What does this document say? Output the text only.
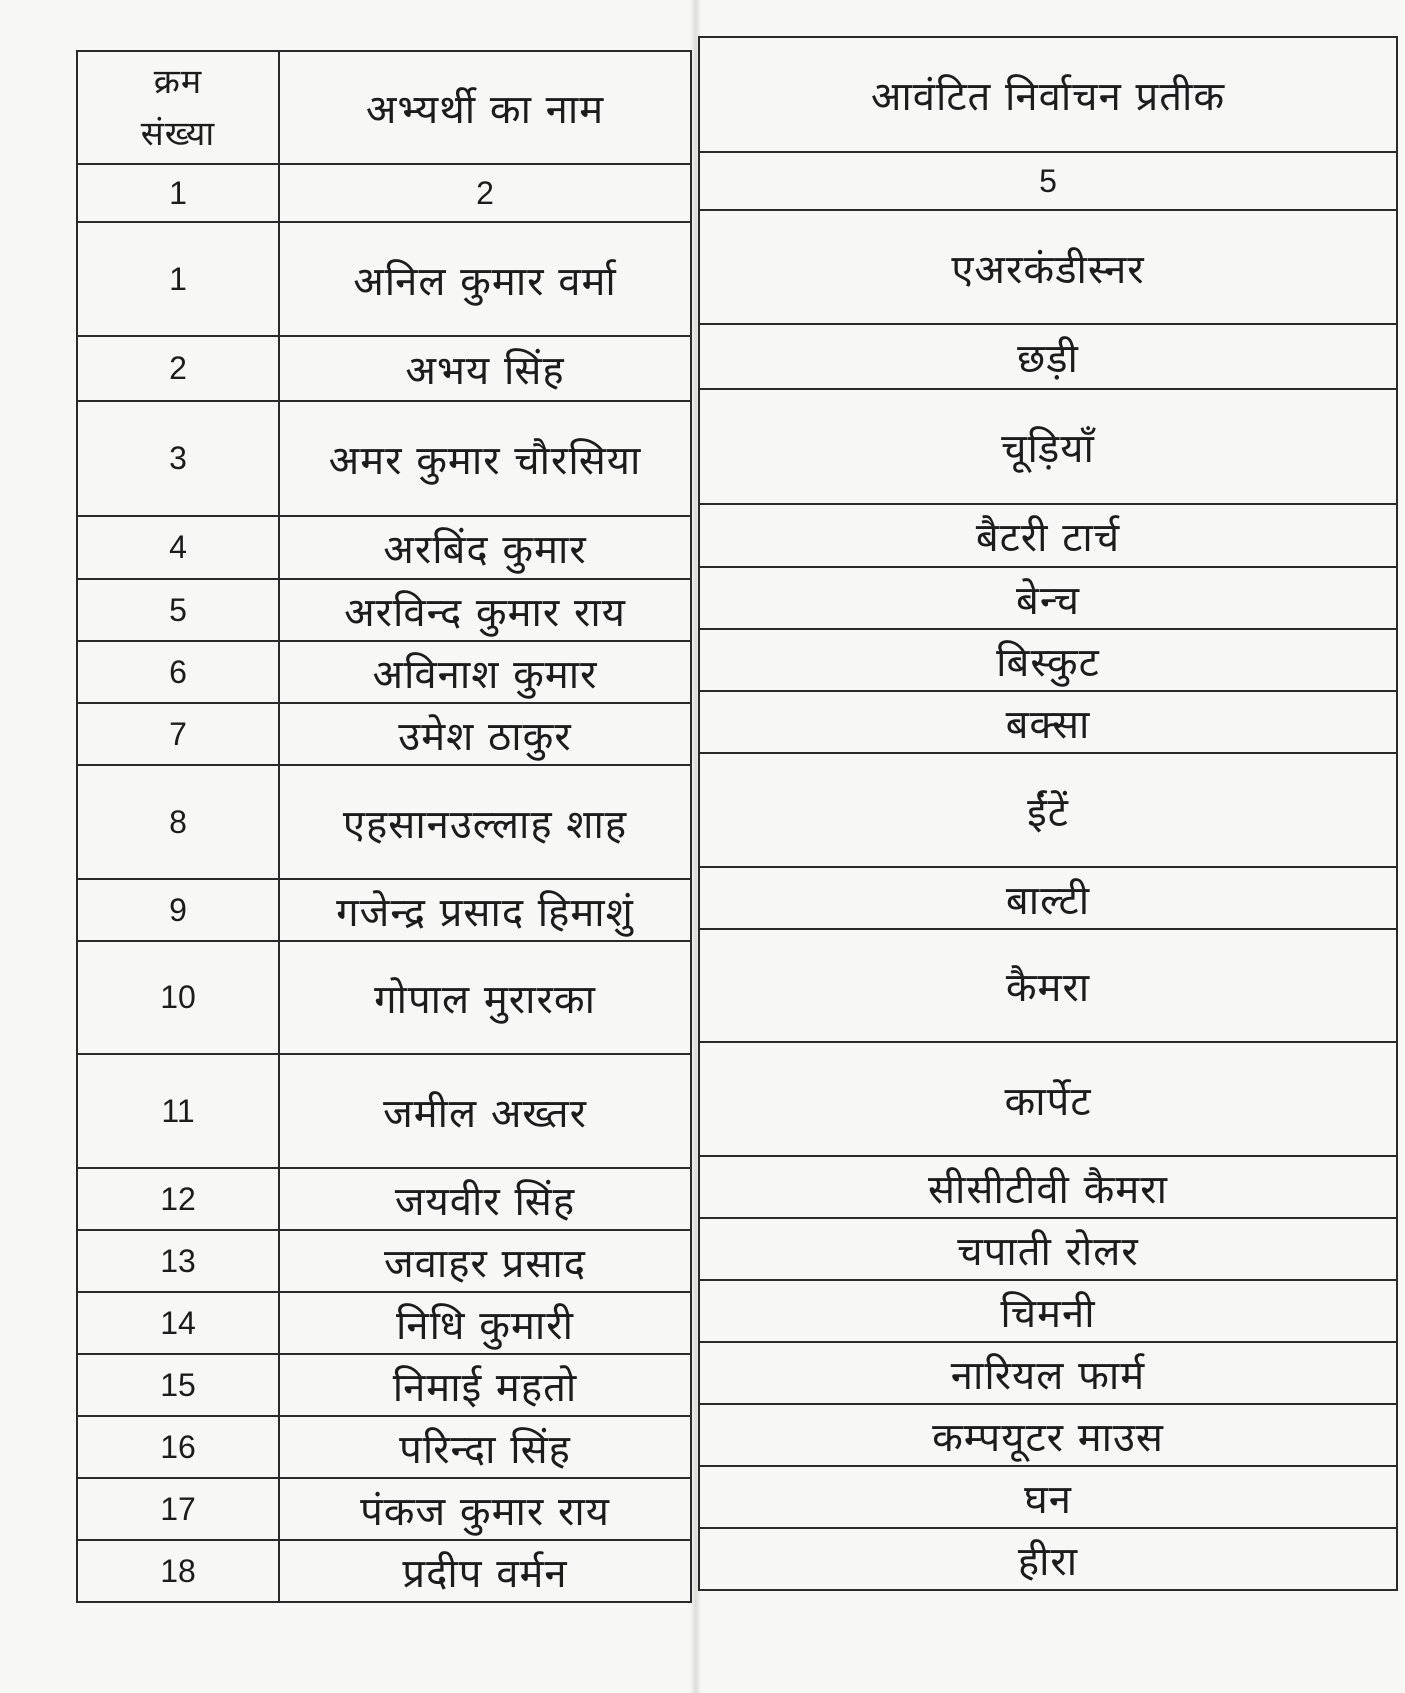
क्रम
संख्या	अभ्यर्थी का नाम
1	2
1	अनिल कुमार वर्मा
2	अभय सिंह
3	अमर कुमार चौरसिया
4	अरबिंद कुमार
5	अरविन्द कुमार राय
6	अविनाश कुमार
7	उमेश ठाकुर
8	एहसानउल्लाह शाह
9	गजेन्द्र प्रसाद हिमाशुं
10	गोपाल मुरारका
11	जमील अख्तर
12	जयवीर सिंह
13	जवाहर प्रसाद
14	निधि कुमारी
15	निमाई महतो
16	परिन्दा सिंह
17	पंकज कुमार राय
18	प्रदीप वर्मन
आवंटित निर्वाचन प्रतीक
5
एअरकंडीस्नर
छड़ी
चूड़ियाँ
बैटरी टार्च
बेन्च
बिस्कुट
बक्सा
ईंटें
बाल्टी
कैमरा
कार्पेट
सीसीटीवी कैमरा
चपाती रोलर
चिमनी
नारियल फार्म
कम्पयूटर माउस
घन
हीरा
